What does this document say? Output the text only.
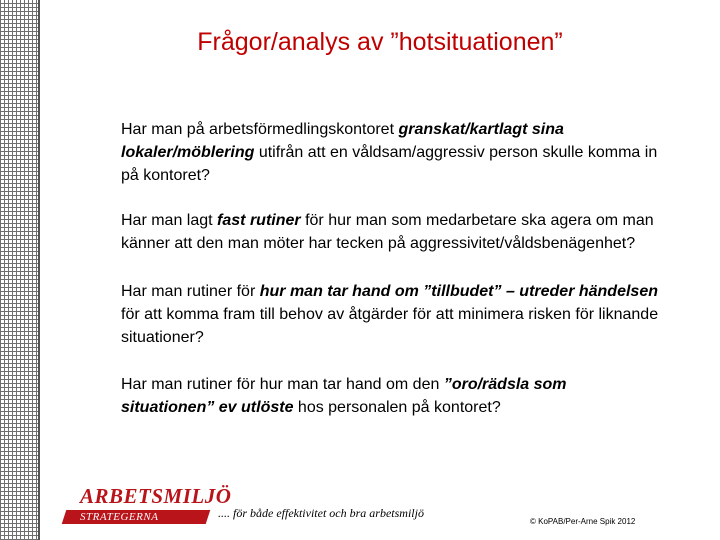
Frågor/analys av ”hotsituationen”

Har man på arbetsförmedlingskontoret granskat/kartlagt sina lokaler/möblering utifrån att en våldsam/aggressiv person skulle komma in på kontoret?

Har man lagt fast rutiner för hur man som medarbetare ska agera om man känner att den man möter har tecken på aggressivitet/våldsbenägenhet?

Har man rutiner för hur man tar hand om ”tillbudet” – utreder händelsen för att komma fram till behov av åtgärder för att minimera risken för liknande situationer?

Har man rutiner för hur man tar hand om den ”oro/rädsla som situationen” ev utlöste hos personalen på kontoret?

ARBETSMILJÖ
STRATEGERNA	.... för både effektivitet och bra arbetsmiljö
© KoPAB/Per-Arne Spik 2012
